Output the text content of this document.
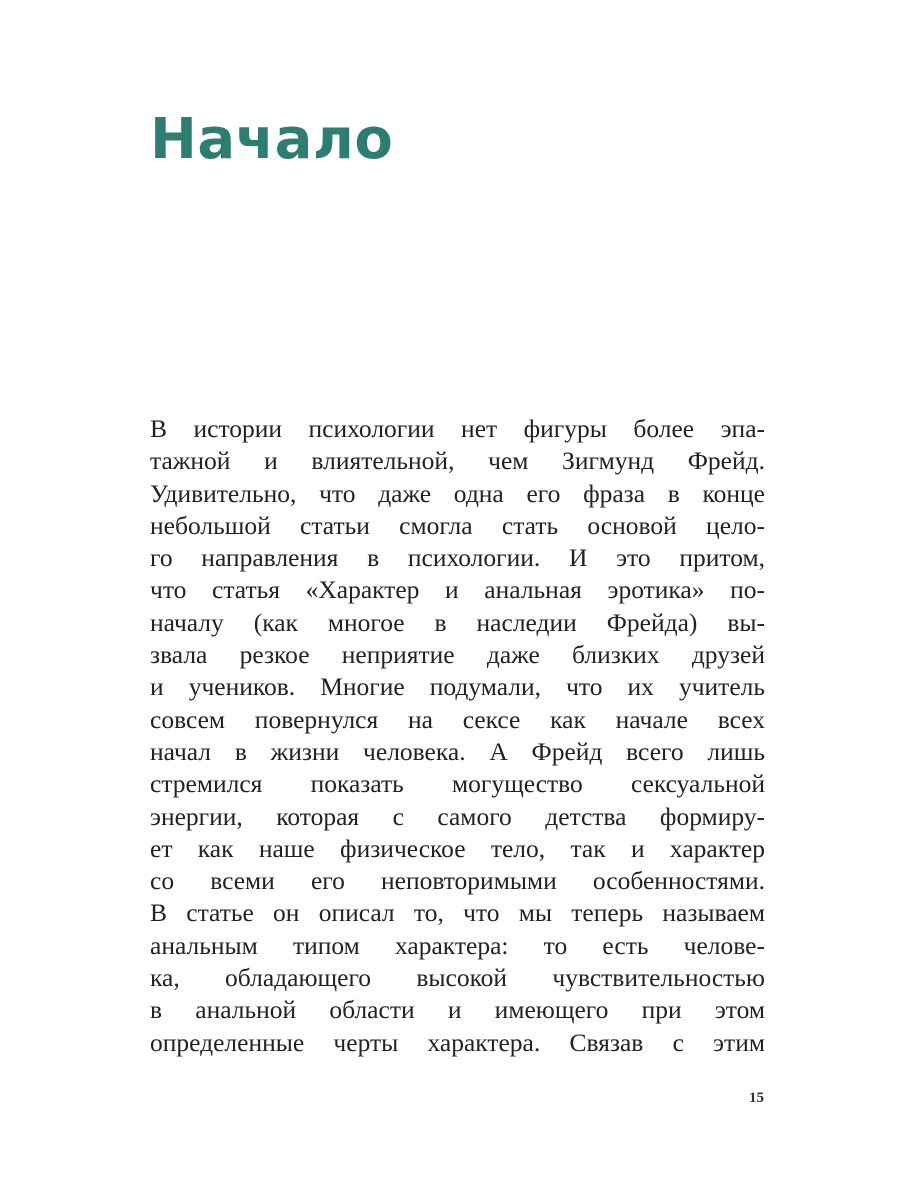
Начало
В истории психологии нет фигуры более эпа-
тажной и влиятельной, чем Зигмунд Фрейд.
Удивительно, что даже одна его фраза в конце
небольшой статьи смогла стать основой цело-
го направления в психологии. И это притом,
что статья «Характер и анальная эротика» по-
началу (как многое в наследии Фрейда) вы-
звала резкое неприятие даже близких друзей
и учеников. Многие подумали, что их учитель
совсем повернулся на сексе как начале всех
начал в жизни человека. А Фрейд всего лишь
стремился показать могущество сексуальной
энергии, которая с самого детства формиру-
ет как наше физическое тело, так и характер
со всеми его неповторимыми особенностями.
В статье он описал то, что мы теперь называем
анальным типом характера: то есть челове-
ка, обладающего высокой чувствительностью
в анальной области и имеющего при этом
определенные черты характера. Связав с этим
15
